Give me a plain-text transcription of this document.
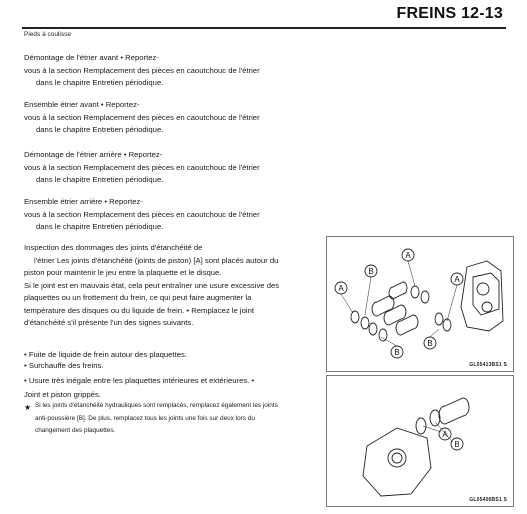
FREINS 12-13
Pieds à coulisse
Démontage de l'étrier avant • Reportez-
vous à la section Remplacement des pièces en caoutchouc de l'étrier
dans le chapitre Entretien périodique.
Ensemble étrier avant • Reportez-
vous à la section Remplacement des pièces en caoutchouc de l'étrier
dans le chapitre Entretien périodique.
Démontage de l'étrier arrière • Reportez-
vous à la section Remplacement des pièces en caoutchouc de l'étrier
dans le chapitre Entretien périodique.
Ensemble étrier arrière • Reportez-
vous à la section Remplacement des pièces en caoutchouc de l'étrier
dans le chapitre Entretien périodique.
Inspection des dommages des joints d'étanchéité de
l'étrier Les joints d'étanchéité (joints de piston) [A] sont placés autour du
piston pour maintenir le jeu entre la plaquette et le disque.
Si le joint est en mauvais état, cela peut entraîner une usure excessive des
plaquettes ou un frottement du frein, ce qui peut faire augmenter la
température des disques ou du liquide de frein. • Remplacez le joint
d'étanchéité s'il présente l'un des signes suivants.
• Fuite de liquide de frein autour des plaquettes.
• Surchauffe des freins.
• Usure très inégale entre les plaquettes intérieures et extérieures. •
Joint et piston grippés.
★ Si les joints d'étanchéité hydrauliques sont remplacés, remplacez également les joints
anti-poussière [B]. De plus, remplacez tous les joints une fois sur deux lors du
changement des plaquettes.
B
A
A
B
B
A
GL05413BS1 S
A
B
GL05406BS1 S
